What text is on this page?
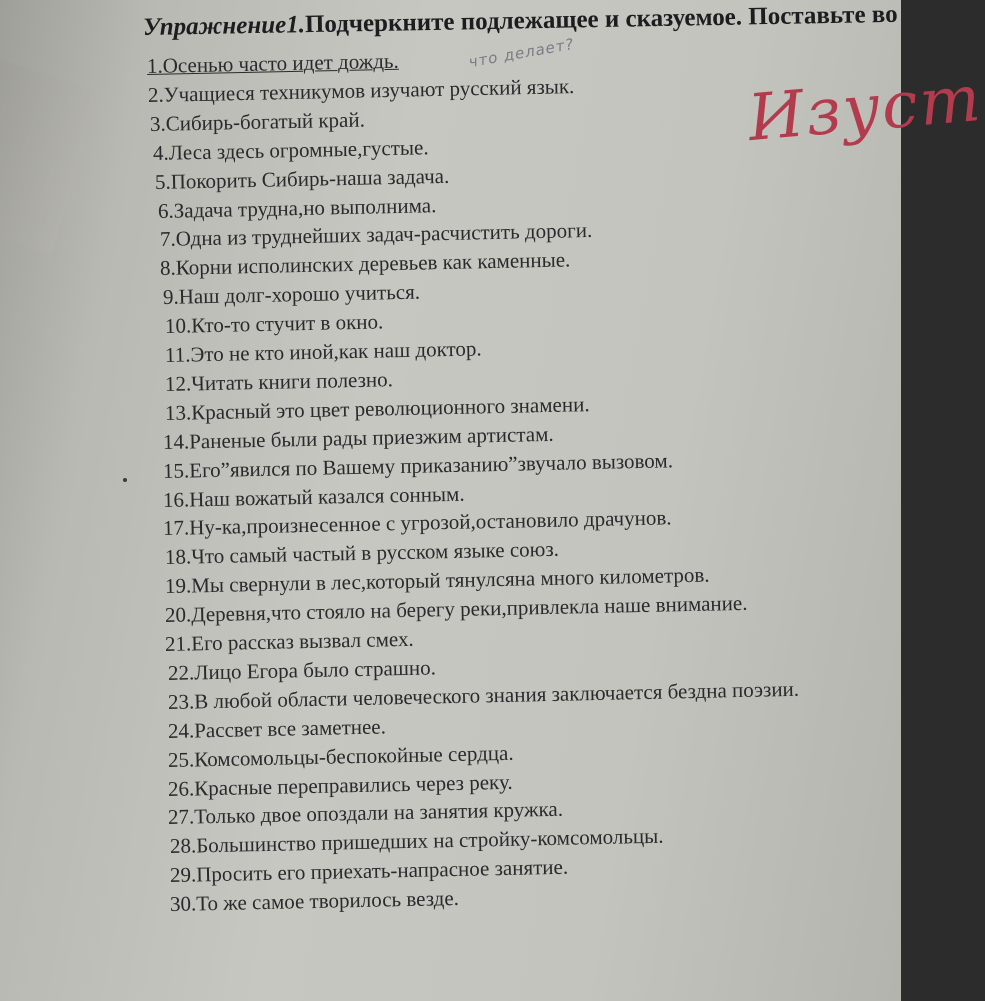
Упражнение1.Подчеркните подлежащее и сказуемое. Поставьте во
что делает?
Изуст
1.Осенью часто идет дождь.
2.Учащиеся техникумов изучают русский язык.
3.Сибирь-богатый край.
4.Леса здесь огромные,густые.
5.Покорить Сибирь-наша задача.
6.Задача трудна,но выполнима.
7.Одна из труднейших задач-расчистить дороги.
8.Корни исполинских деревьев как каменные.
9.Наш долг-хорошо учиться.
10.Кто-то стучит в окно.
11.Это не кто иной,как наш доктор.
12.Читать книги полезно.
13.Красный это цвет революционного знамени.
14.Раненые были рады приезжим артистам.
15.Его”явился по Вашему приказанию”звучало вызовом.
16.Наш вожатый казался сонным.
17.Ну-ка,произнесенное с угрозой,остановило драчунов.
18.Что самый частый в русском языке союз.
19.Мы свернули в лес,который тянулсяна много километров.
20.Деревня,что стояло на берегу реки,привлекла наше внимание.
21.Его рассказ вызвал смех.
22.Лицо Егора было страшно.
23.В любой области человеческого знания заключается бездна поэзии.
24.Рассвет все заметнее.
25.Комсомольцы-беспокойные сердца.
26.Красные переправились через реку.
27.Только двое опоздали на занятия кружка.
28.Большинство пришедших на стройку-комсомольцы.
29.Просить его приехать-напрасное занятие.
30.То же самое творилось везде.
